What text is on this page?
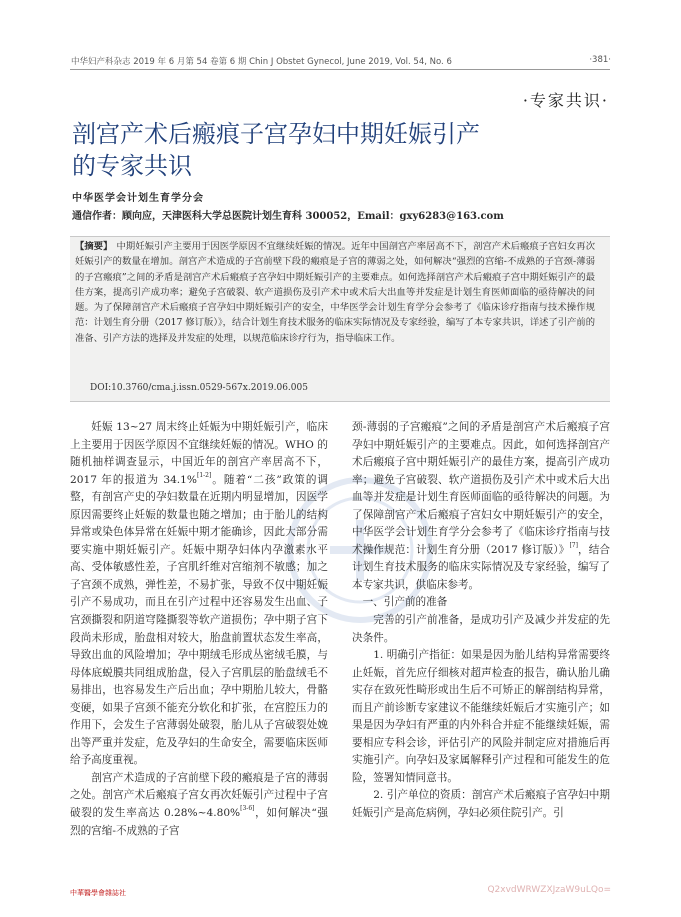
中华妇产科杂志 2019 年 6 月第 54 卷第 6 期 Chin J Obstet Gynecol, June 2019, Vol. 54, No. 6	·381·
·专家共识·
剖宫产术后瘢痕子宫孕妇中期妊娠引产的专家共识
中华医学会计划生育学分会
通信作者：顾向应，天津医科大学总医院计划生育科 300052，Email：gxy6283@163.com
【摘要】 中期妊娠引产主要用于因医学原因不宜继续妊娠的情况。近年中国剖宫产率居高不下，剖宫产术后瘢痕子宫妇女再次妊娠引产的数量在增加。剖宫产术造成的子宫前壁下段的瘢痕是子宫的薄弱之处，如何解决“强烈的宫缩-不成熟的子宫颈-薄弱的子宫瘢痕”之间的矛盾是剖宫产术后瘢痕子宫孕妇中期妊娠引产的主要难点。如何选择剖宫产术后瘢痕子宫中期妊娠引产的最佳方案，提高引产成功率；避免子宫破裂、软产道损伤及引产术中或术后大出血等并发症是计划生育医师面临的亟待解决的问题。为了保障剖宫产术后瘢痕子宫孕妇中期妊娠引产的安全，中华医学会计划生育学分会参考了《临床诊疗指南与技术操作规范：计划生育分册（2017 修订版）》，结合计划生育技术服务的临床实际情况及专家经验，编写了本专家共识，详述了引产前的准备、引产方法的选择及并发症的处理，以规范临床诊疗行为，指导临床工作。
DOI:10.3760/cma.j.issn.0529-567x.2019.06.005

妊娠 13~27 周末终止妊娠为中期妊娠引产，临床上主要用于因医学原因不宜继续妊娠的情况。WHO 的随机抽样调查显示，中国近年的剖宫产率居高不下，2017 年的报道为 34.1%[1-2]。随着“二孩”政策的调整，有剖宫产史的孕妇数量在近期内明显增加，因医学原因需要终止妊娠的数量也随之增加；由于胎儿的结构异常或染色体异常在妊娠中期才能确诊，因此大部分需要实施中期妊娠引产。妊娠中期孕妇体内孕激素水平高、受体敏感性差，子宫肌纤维对宫缩剂不敏感；加之子宫颈不成熟，弹性差，不易扩张，导致不仅中期妊娠引产不易成功，而且在引产过程中还容易发生出血、子宫颈撕裂和阴道穹隆撕裂等软产道损伤；孕中期子宫下段尚未形成，胎盘相对较大，胎盘前置状态发生率高，导致出血的风险增加；孕中期绒毛形成丛密绒毛膜，与母体底蜕膜共同组成胎盘，侵入子宫肌层的胎盘绒毛不易排出，也容易发生产后出血；孕中期胎儿较大，骨骼变硬，如果子宫颈不能充分软化和扩张，在宫腔压力的作用下，会发生子宫薄弱处破裂，胎儿从子宫破裂处娩出等严重并发症，危及孕妇的生命安全，需要临床医师给予高度重视。

剖宫产术造成的子宫前壁下段的瘢痕是子宫的薄弱之处。剖宫产术后瘢痕子宫女再次妊娠引产过程中子宫破裂的发生率高达 0.28%~4.80%[3-6]，如何解决“强烈的宫缩-不成熟的子宫

颈-薄弱的子宫瘢痕”之间的矛盾是剖宫产术后瘢痕子宫孕妇中期妊娠引产的主要难点。因此，如何选择剖宫产术后瘢痕子宫中期妊娠引产的最佳方案，提高引产成功率；避免子宫破裂、软产道损伤及引产术中或术后大出血等并发症是计划生育医师面临的亟待解决的问题。为了保障剖宫产术后瘢痕子宫妇女中期妊娠引产的安全，中华医学会计划生育学分会参考了《临床诊疗指南与技术操作规范：计划生育分册（2017 修订版）》[7]，结合计划生育技术服务的临床实际情况及专家经验，编写了本专家共识，供临床参考。

一、引产前的准备

完善的引产前准备，是成功引产及减少并发症的先决条件。

1. 明确引产指征：如果是因为胎儿结构异常需要终止妊娠，首先应仔细核对超声检查的报告，确认胎儿确实存在致死性畸形或出生后不可矫正的解剖结构异常，而且产前诊断专家建议不能继续妊娠后才实施引产；如果是因为孕妇有严重的内外科合并症不能继续妊娠，需要相应专科会诊，评估引产的风险并制定应对措施后再实施引产。向孕妇及家属解释引产过程和可能发生的危险，签署知情同意书。

2. 引产单位的资质：剖宫产术后瘢痕子宫孕妇中期妊娠引产是高危病例，孕妇必须住院引产。引

中華醫學會雜誌社	Q2xvdWRWZXJzaW9uLQo=
